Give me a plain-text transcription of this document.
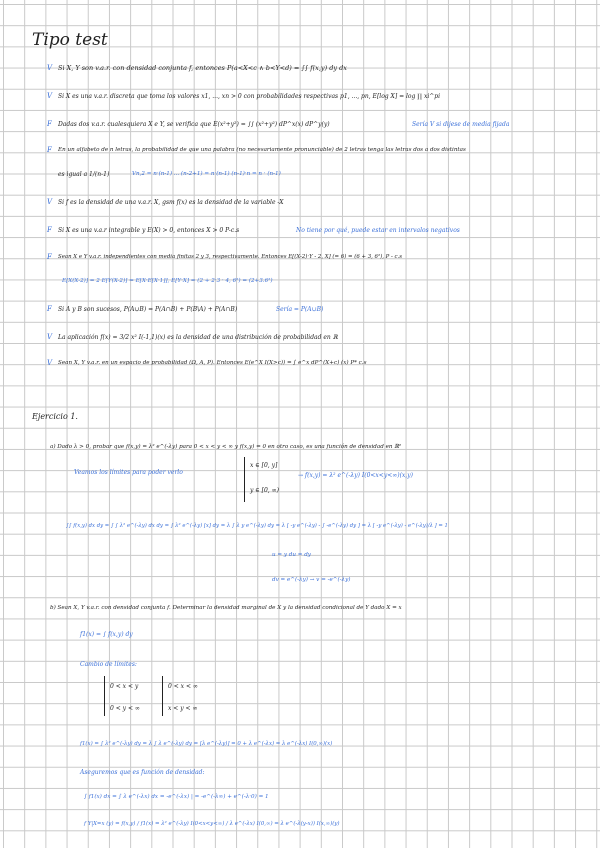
Tipo test
V Si X, Y son v.a.r. con densidad conjunta f, entonces P(a<X<c ∧ b<Y<d) = ∫∫ f(x,y) dy dx
V Si X es una v.a.r. discreta que toma los valores x1, ..., xn > 0 con probabilidades respectivas p1, ..., pn, E[log X] = log ∏ xi^pi
F Dadas dos v.a.r. cualesquiera X e Y, se verifica que E(x²+y²) = ∫∫ (x²+y²) dP^x(x) dP^y(y)	Sería V si dijese de media fijada
F En un alfabeto de n letras, la probabilidad de que una palabra (no necesariamente pronunciable) de 2 letras tenga las letras dos a dos distintas
es igual a 1/(n-1)	Vn,2 = n·(n-1) ... (n-2+1) = n·(n-1) (n-1)·n = n · (n-1)
V Si f es la densidad de una v.a.r. X, gsm f(x) es la densidad de la variable -X
F Si X es una v.a.r integrable y E(X) > 0, entonces X > 0 P-c.s	No tiene por qué, puede estar en intervalos negativos
F Sean X e Y v.a.r. independientes con media finitas 2 y 3, respectivamente. Entonces E[(X-2)·Y - 2, X] (= 6) = (6 + 3, 6²), P - c.s
E[X(X-2)] = 2 E[Y(X-2)] = E[X·E[X·1]], E[Y·X] = (2 + 2·3 · 4, 6²) = (2+3.6²)
F Si A y B son sucesos, P(A∪B) = P(A∩B) + P(B\A) + P(A∩B)	Sería = P(A∪B)
V La aplicación f(x) = 3/2 x² I(-1,1)(x) es la densidad de una distribución de probabilidad en ℝ
V Sean X, Y v.a.r. en un espacio de probabilidad (Ω, A, P). Entonces E(e^X I(X>c)) = ∫ e^x dP^(X+c) (x) P* c.s
Ejercicio 1.
a) Dado λ > 0, probar que f(x,y) = λ² e^(-λy) para 0 < x < y < ∞ y f(x,y) = 0 en otro caso, es una función de densidad en ℝ²
Veamos los límites para poder verlo
x ∈ [0, y]
y ∈ [0, ∞)
→ f(x,y) = λ² e^(-λy) I(0<x<y<∞)(x,y)
∫∫ f(x,y) dx dy = ∫ ∫ λ² e^(-λy) dx dy = ∫ λ² e^(-λy) [x] dy = λ ∫ λ y e^(-λy) dy = λ [ -y e^(-λy) - ∫ -e^(-λy) dy ] = λ [ -y e^(-λy) - e^(-λy)/λ ] = 1
u = y du = dy
dv = e^(-λy) → v = -e^(-λy)
b) Sean X, Y v.a.r. con densidad conjunta f. Determinar la densidad marginal de X y la densidad condicional de Y dado X = x
f1(x) = ∫ f(x,y) dy
Cambio de límites:
0 < x < y
0 < y < ∞
0 < x < ∞
x < y < ∞
f1(x) = ∫ λ² e^(-λy) dy = λ ∫ λ e^(-λy) dy = [λ e^(-λy)] = 0 + λ e^(-λx) = λ e^(-λx) I(0,∞)(x)
Aseguremos que es función de densidad:
∫ f1(x) dx = ∫ λ e^(-λx) dx = -e^(-λx) | = -e^(-λ∞) + e^(-λ·0) = 1
f Y|X=x (y) = f(x,y) / f1(x) = λ² e^(-λy) I(0<x<y<∞) / λ e^(-λx) I(0,∞) = λ e^(-λ(y-x)) I(x,∞)(y)
